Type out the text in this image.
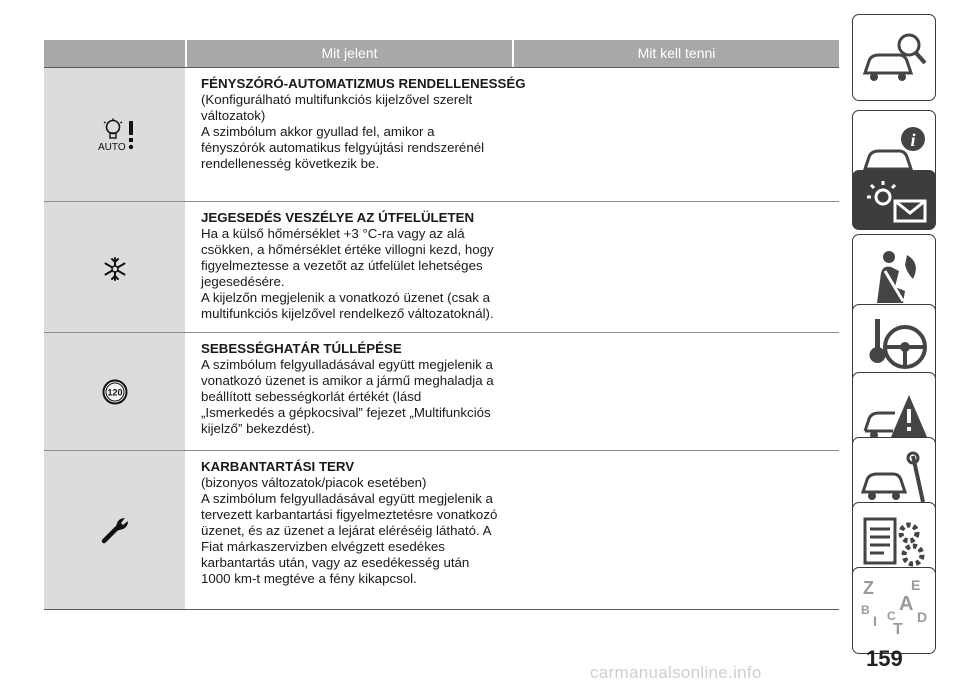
Mit jelent	Mit kell tenni
AUTO
FÉNYSZÓRÓ-AUTOMATIZMUS RENDELLENESSÉG
(Konfigurálható multifunkciós kijelzővel szerelt
változatok)
A szimbólum akkor gyullad fel, amikor a
fényszórók automatikus felgyújtási rendszerénél
rendellenesség következik be.
JEGESEDÉS VESZÉLYE AZ ÚTFELÜLETEN
Ha a külső hőmérséklet +3 °C-ra vagy az alá
csökken, a hőmérséklet értéke villogni kezd, hogy
figyelmeztesse a vezetőt az útfelület lehetséges
jegesedésére.
A kijelzőn megjelenik a vonatkozó üzenet (csak a
multifunkciós kijelzővel rendelkező változatoknál).
120
SEBESSÉGHATÁR TÚLLÉPÉSE
A szimbólum felgyulladásával együtt megjelenik a
vonatkozó üzenet is amikor a jármű meghaladja a
beállított sebességkorlát értékét (lásd
„Ismerkedés a gépkocsival” fejezet „Multifunkciós
kijelző” bekezdést).
KARBANTARTÁSI TERV
(bizonyos változatok/piacok esetében)
A szimbólum felgyulladásával együtt megjelenik a
tervezett karbantartási figyelmeztetésre vonatkozó
üzenet, és az üzenet a lejárat eléréséig látható. A
Fiat márkaszervizben elvégzett esedékes
karbantartás után, vagy az esedékesség után
1000 km-t megtéve a fény kikapcsol.
i
Z	E
B A
I C
T
D
159
carmanualsonline.info
